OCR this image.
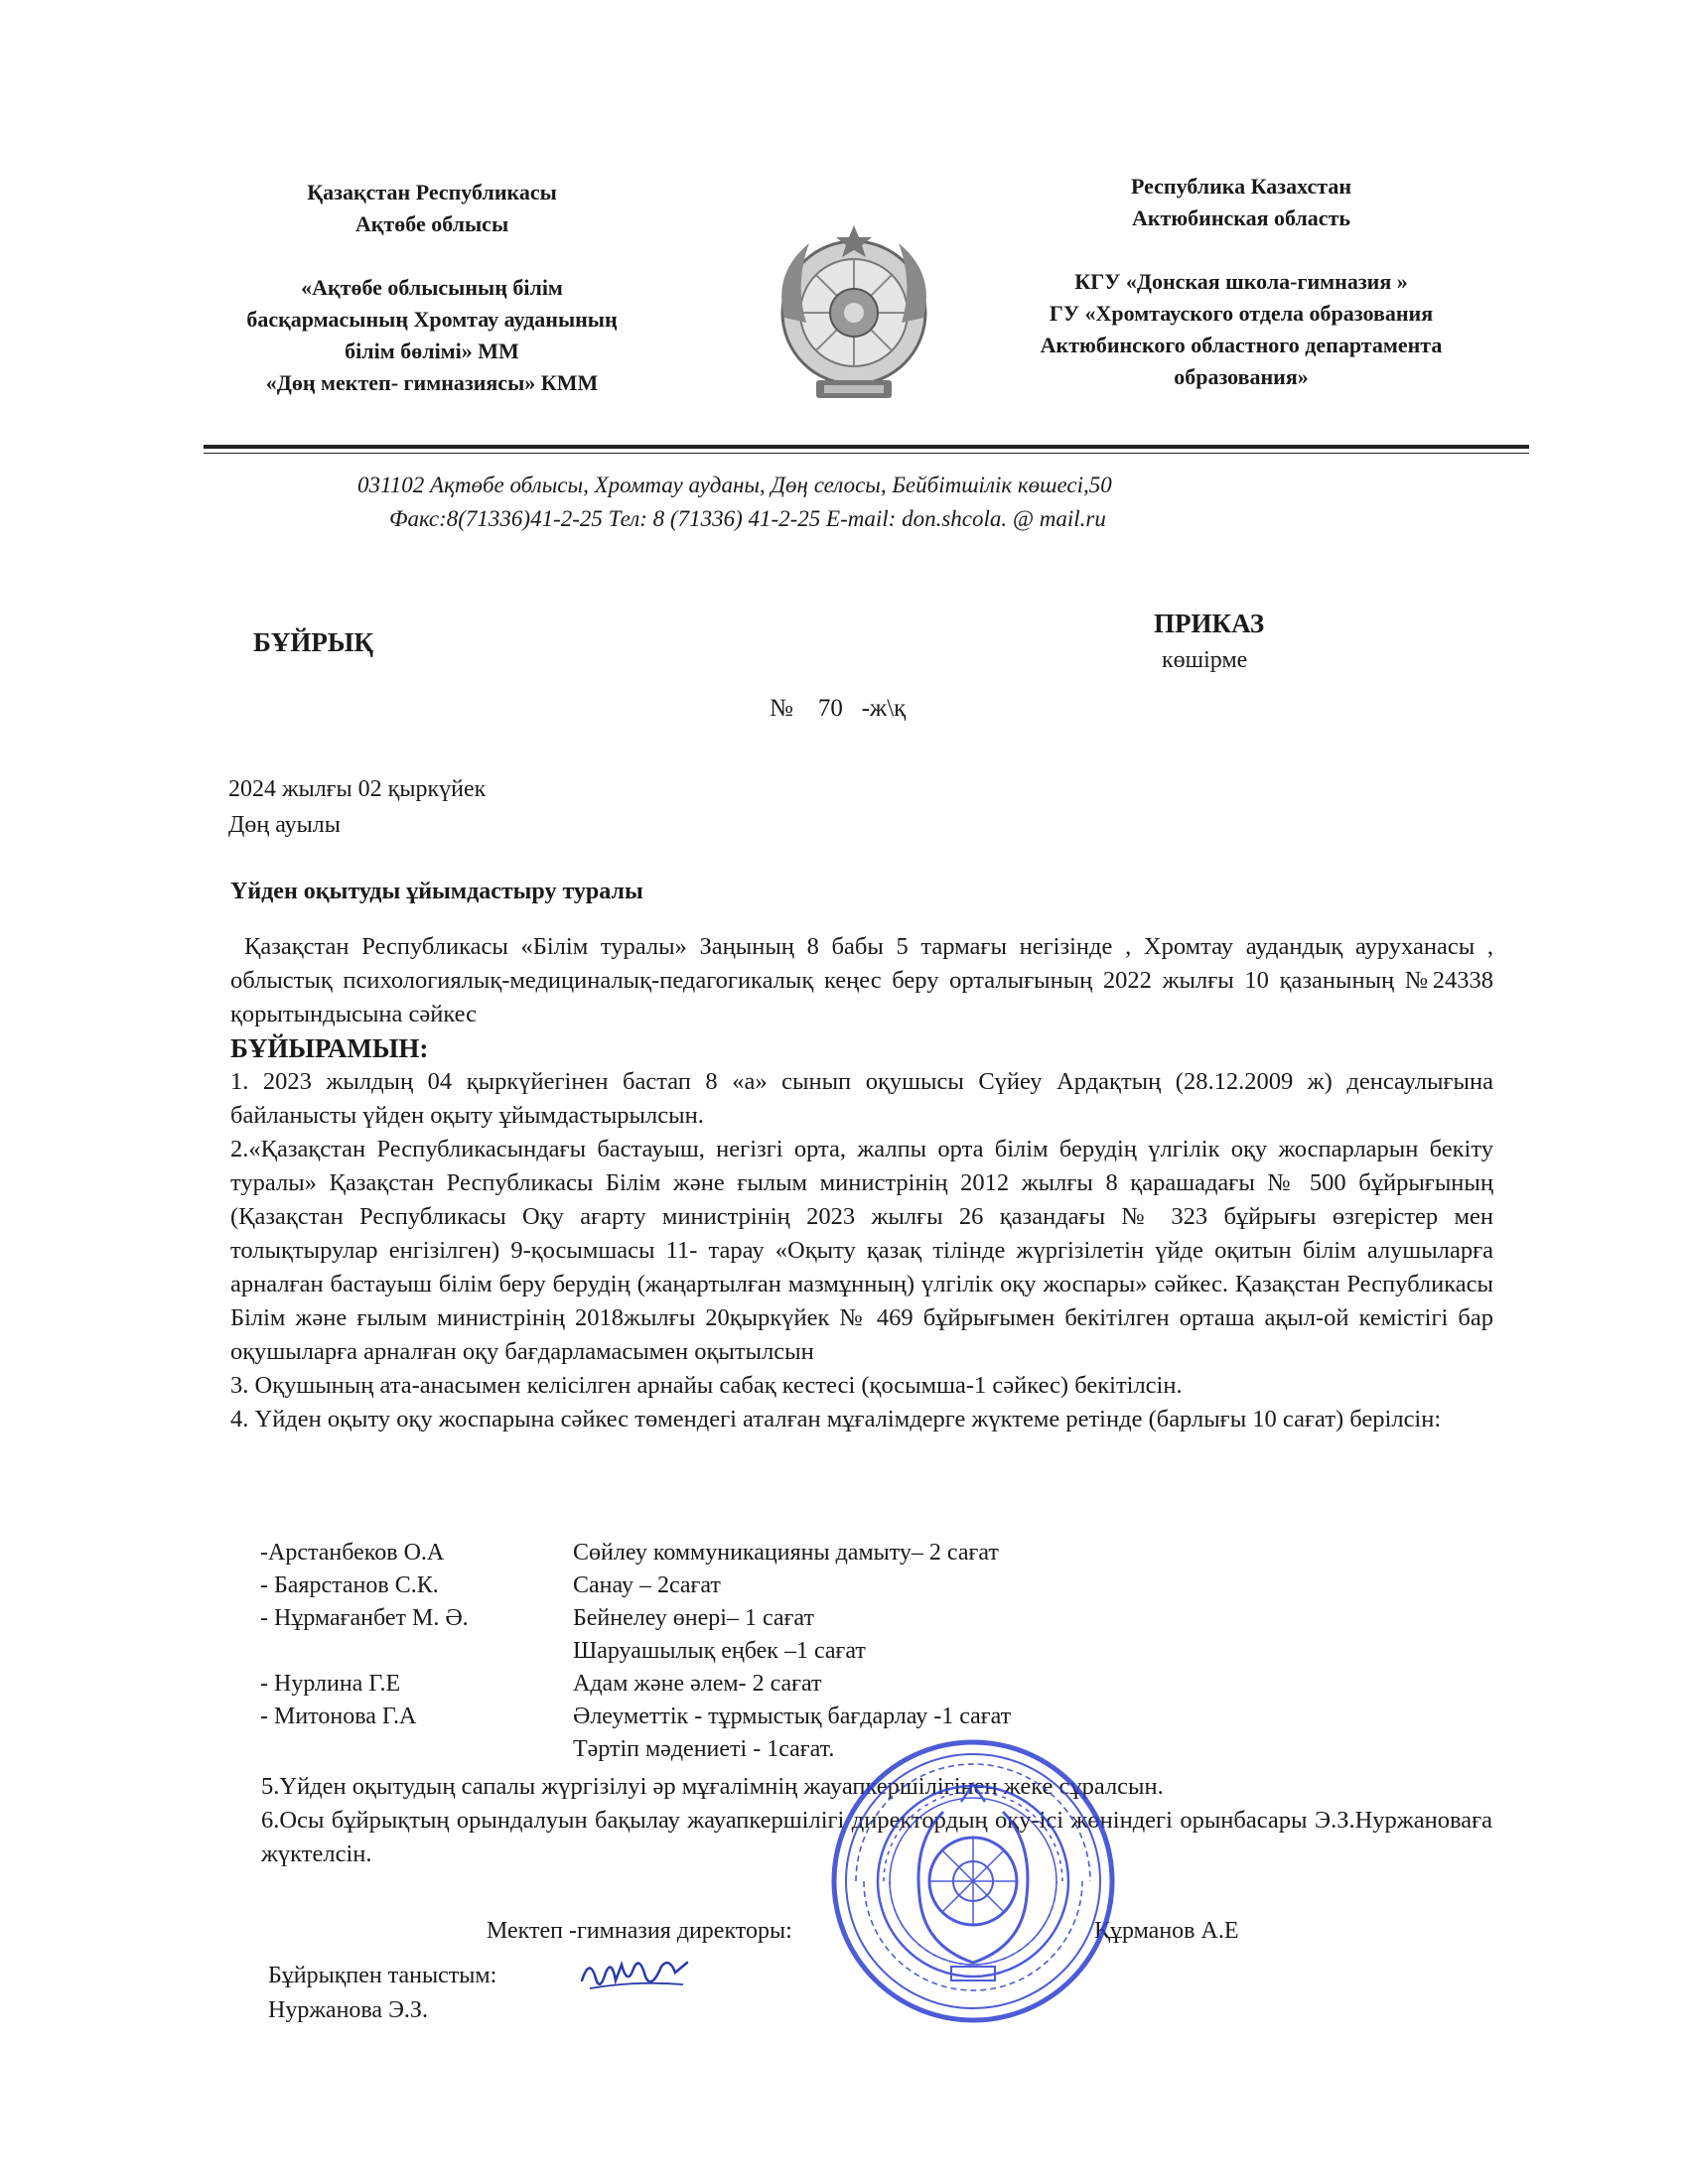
Қазақстан Республикасы
Ақтөбе облысы
«Ақтөбе облысының білім
басқармасының Хромтау ауданының
білім бөлімі» ММ
«Дөң мектеп- гимназиясы» КММ
Республика Казахстан
Актюбинская область
КГУ «Донская школа-гимназия »
ГУ «Хромтауского отдела образования
Актюбинского областного департамента
образования»
031102 Ақтөбе облысы, Хромтау ауданы, Дөң селосы, Бейбітшілік көшесі,50
Факс:8(71336)41-2-25 Тел: 8 (71336) 41-2-25 E-mail: don.shcola. @ mail.ru
БҰЙРЫҚ
ПРИКАЗ
көшірме
№    70   -ж\қ
2024 жылғы 02 қыркүйек
Дөң ауылы
Үйден оқытуды ұйымдастыру туралы

Қазақстан Республикасы «Білім туралы» Заңының 8 бабы 5 тармағы негізінде , Хромтау аудандық ауруханасы , облыстық психологиялық-медициналық-педагогикалық кеңес беру орталығының 2022 жылғы 10 қазанының №24338 қорытындысына сәйкес

БҰЙЫРАМЫН:

1. 2023 жылдың 04 қыркүйегінен бастап 8 «а» сынып оқушысы Сүйеу Ардақтың (28.12.2009 ж) денсаулығына байланысты үйден оқыту ұйымдастырылсын.

2.«Қазақстан Республикасындағы бастауыш, негізгі орта, жалпы орта білім берудің үлгілік оқу жоспарларын бекіту туралы» Қазақстан Республикасы Білім және ғылым министрінің 2012 жылғы 8 қарашадағы № 500 бұйрығының (Қазақстан Республикасы Оқу ағарту министрінің 2023 жылғы 26 қазандағы № 323 бұйрығы өзгерістер мен толықтырулар енгізілген) 9-қосымшасы 11- тарау «Оқыту қазақ тілінде жүргізілетін үйде оқитын білім алушыларға арналған бастауыш білім беру берудің (жаңартылған мазмұнның) үлгілік оқу жоспары» сәйкес. Қазақстан Республикасы Білім және ғылым министрінің 2018жылғы 20қыркүйек № 469 бұйрығымен бекітілген орташа ақыл-ой кемістігі бар оқушыларға арналған оқу бағдарламасымен оқытылсын

3. Оқушының ата-анасымен келісілген арнайы сабақ кестесі (қосымша-1 сәйкес) бекітілсін.

4. Үйден оқыту оқу жоспарына сәйкес төмендегі аталған мұғалімдерге жүктеме ретінде (барлығы 10 сағат) берілсін:

-Арстанбеков О.А	Сөйлеу коммуникацияны дамыту– 2 сағат
- Баярстанов С.К.	Санау – 2сағат
- Нұрмағанбет М. Ә.	Бейнелеу өнері– 1 сағат
Шаруашылық еңбек –1 сағат
- Нурлина Г.Е	Адам және әлем- 2 сағат
- Митонова Г.А	Әлеуметтік - тұрмыстық бағдарлау -1 сағат
Тәртіп мәдениеті - 1сағат.

5.Үйден оқытудың сапалы жүргізілуі әр мұғалімнің жауапкершілігінен жеке сұралсын.

6.Осы бұйрықтың орындалуын бақылау жауапкершілігі директордың оқу-ісі жөніндегі орынбасары Э.З.Нуржановаға жүктелсін.

Мектеп -гимназия директоры:	Құрманов А.Е
Бұйрықпен таныстым:
Нуржанова Э.З.
